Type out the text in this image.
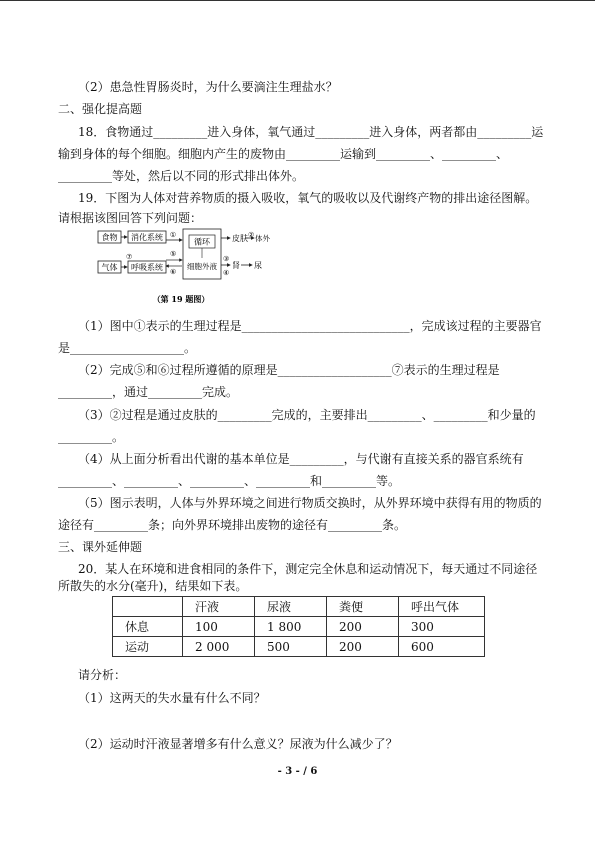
（2）患急性胃肠炎时，为什么要滴注生理盐水？
二、强化提高题
18．食物通过_________进入身体，氧气通过_________进入身体，两者都由_________运
输到身体的每个细胞。细胞内产生的废物由_________运输到_________、_________、
_________等处，然后以不同的形式排出体外。
19．下图为人体对营养物质的摄入吸收，氧气的吸收以及代谢终产物的排出途径图解。
请根据该图回答下列问题：
食物 消化系统 ①
循环
细胞外液
皮肤 ② 体外
气体
⑦
呼吸系统
⑤
⑥
③
④
肾 尿
（第 19 题图）
（1）图中①表示的生理过程是____________________________，完成该过程的主要器官
是___________________。
（2）完成⑤和⑥过程所遵循的原理是___________________⑦表示的生理过程是
_________，通过_________完成。
（3）②过程是通过皮肤的_________完成的，主要排出_________、_________和少量的
_________。
（4）从上面分析看出代谢的基本单位是_________，与代谢有直接关系的器官系统有
_________、_________、_________、_________和_________等。
（5）图示表明，人体与外界环境之间进行物质交换时，从外界环境中获得有用的物质的
途径有_________条；向外界环境排出废物的途径有_________条。
三、课外延伸题
20．某人在环境和进食相同的条件下，测定完全休息和运动情况下，每天通过不同途径
所散失的水分(毫升)，结果如下表。
	汗液	尿液	粪便	呼出气体
休息	100	1 800	200	300
运动	2 000	500	200	600
请分析：
（1）这两天的失水量有什么不同？
（2）运动时汗液显著增多有什么意义？尿液为什么减少了？
- 3 - / 6
